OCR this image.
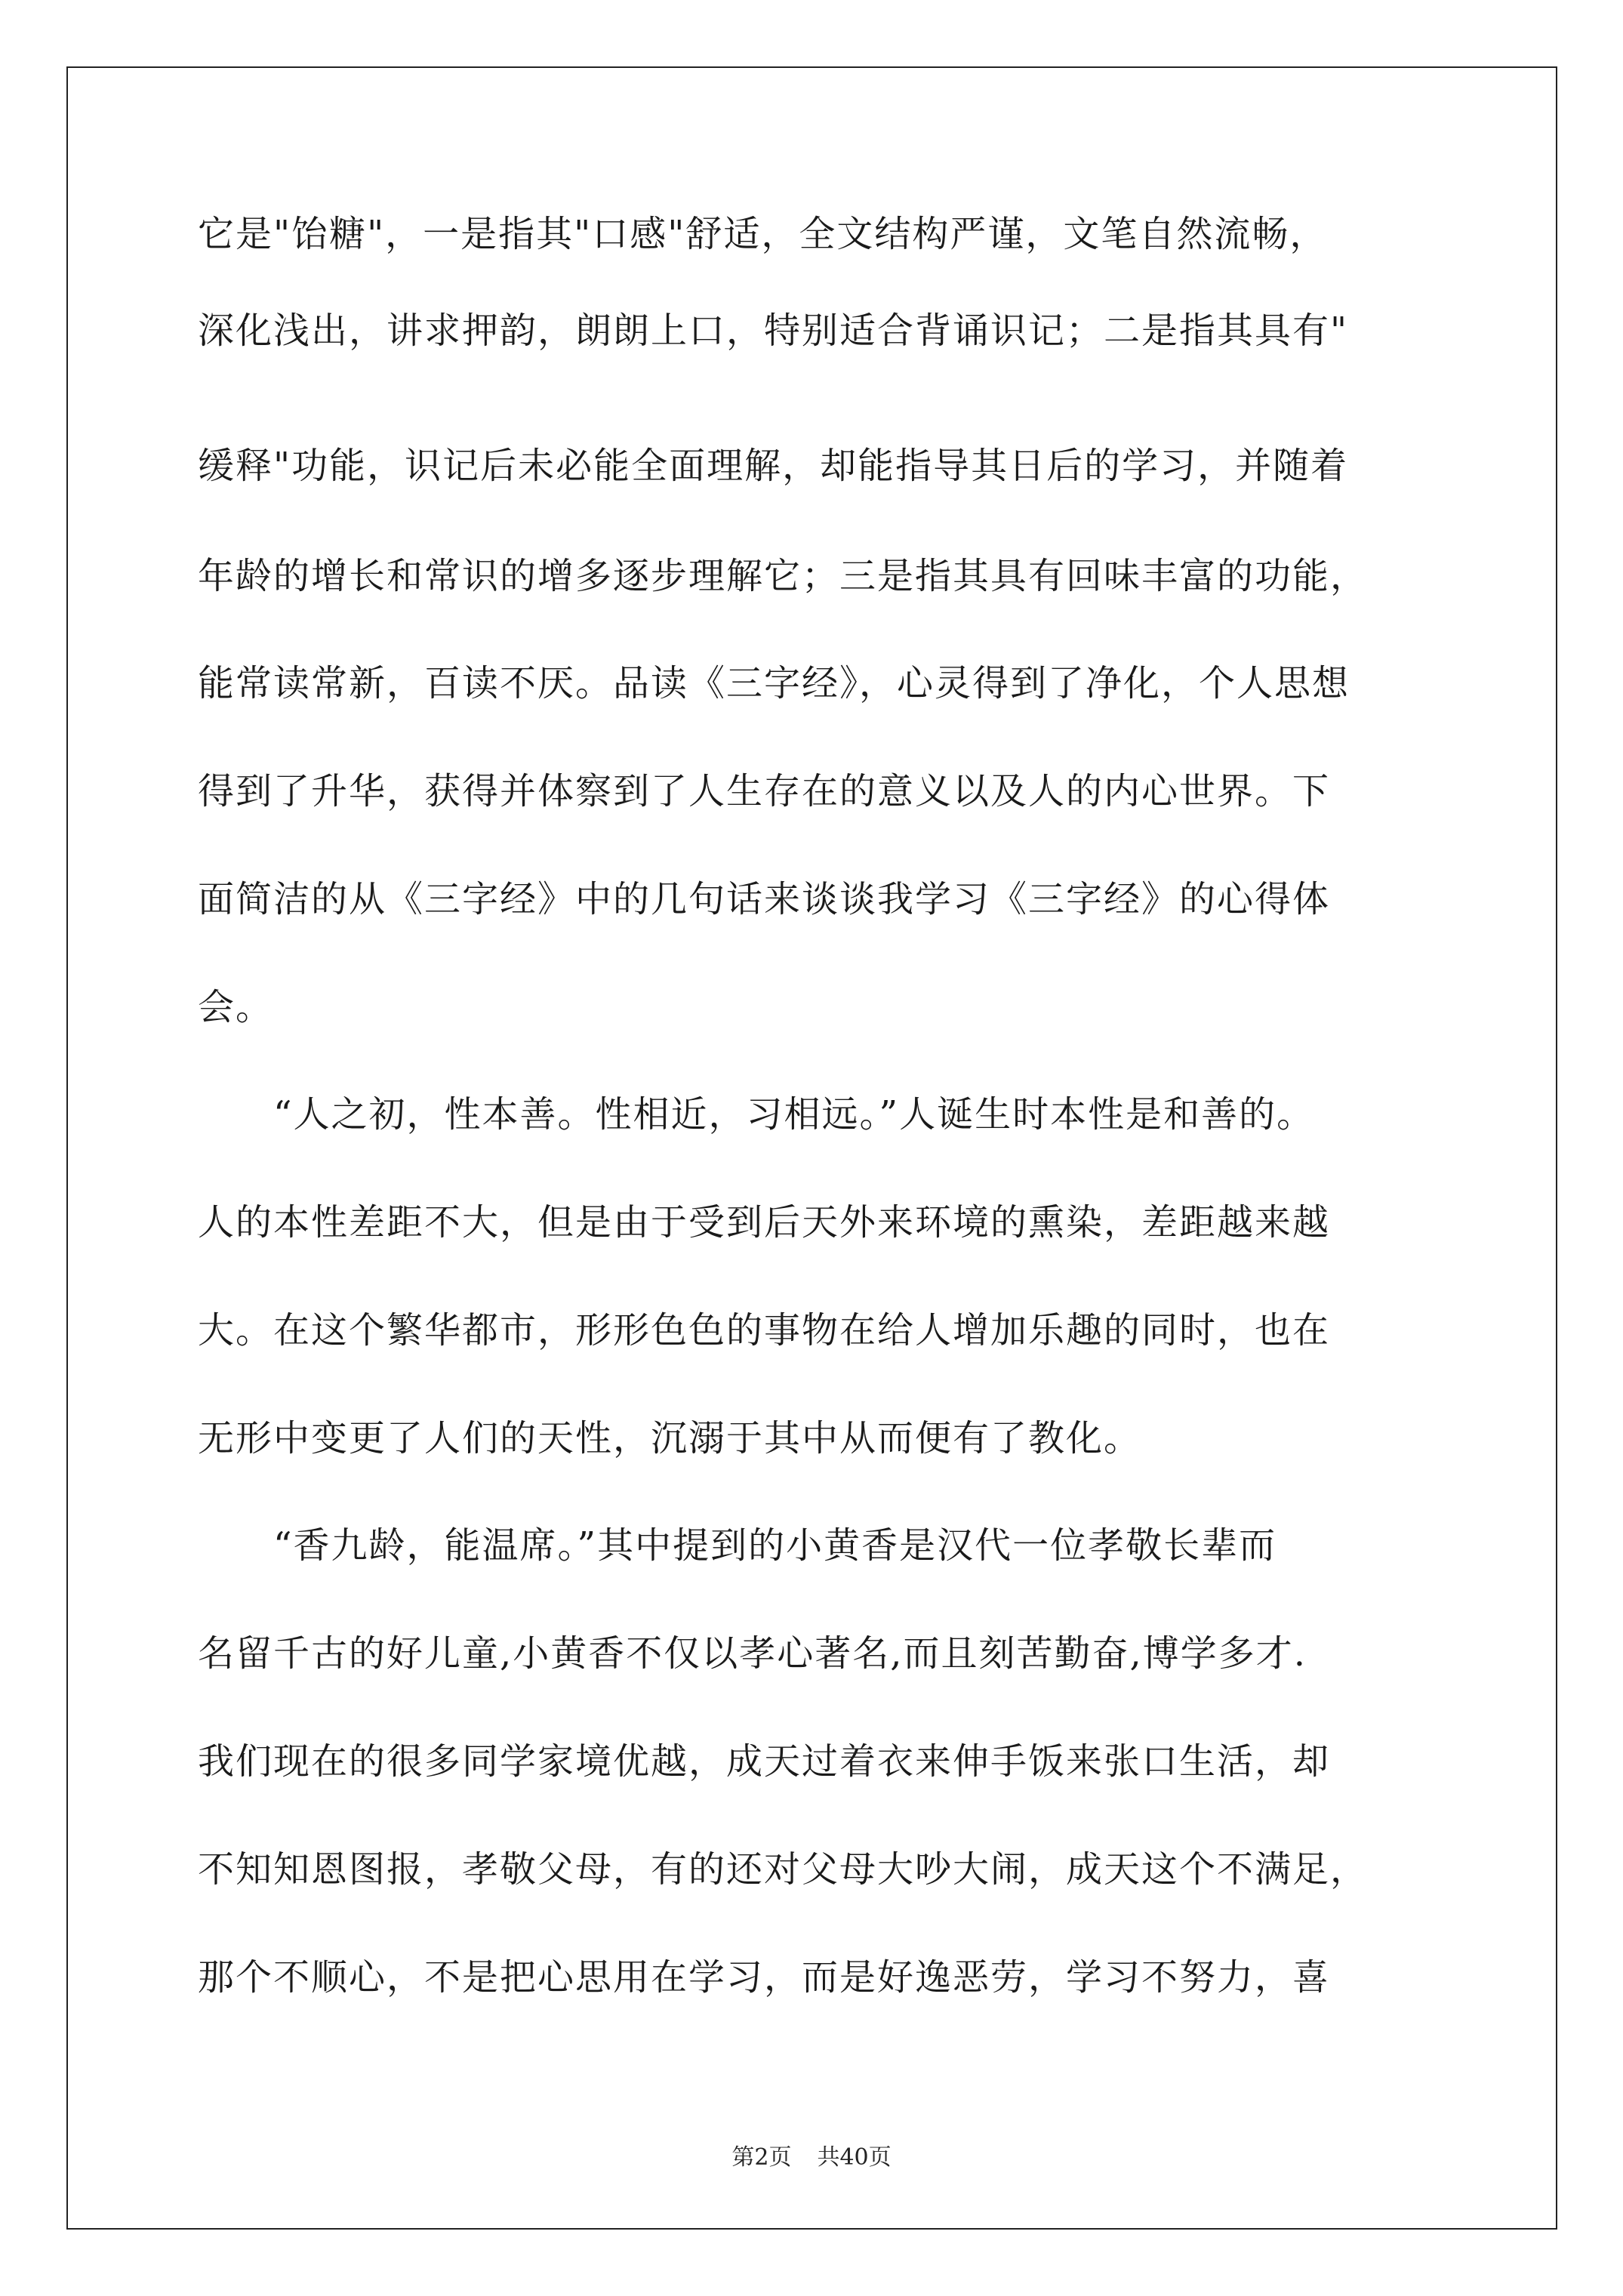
它是"饴糖"，一是指其"口感"舒适，全文结构严谨，文笔自然流畅，
深化浅出，讲求押韵，朗朗上口，特别适合背诵识记；二是指其具有"
缓释"功能，识记后未必能全面理解，却能指导其日后的学习，并随着
年龄的增长和常识的增多逐步理解它；三是指其具有回味丰富的功能，
能常读常新，百读不厌。品读《三字经》，心灵得到了净化，个人思想
得到了升华，获得并体察到了人生存在的意义以及人的内心世界。下
面简洁的从《三字经》中的几句话来谈谈我学习《三字经》的心得体
会。
“人之初，性本善。性相近，习相远。”人诞生时本性是和善的。
人的本性差距不大，但是由于受到后天外来环境的熏染，差距越来越
大。在这个繁华都市，形形色色的事物在给人增加乐趣的同时，也在
无形中变更了人们的天性，沉溺于其中从而便有了教化。
“香九龄，能温席。”其中提到的小黄香是汉代一位孝敬长辈而
名留千古的好儿童,小黄香不仅以孝心著名,而且刻苦勤奋,博学多才.
我们现在的很多同学家境优越，成天过着衣来伸手饭来张口生活，却
不知知恩图报，孝敬父母，有的还对父母大吵大闹，成天这个不满足，
那个不顺心，不是把心思用在学习，而是好逸恶劳，学习不努力，喜
第2页 共40页
